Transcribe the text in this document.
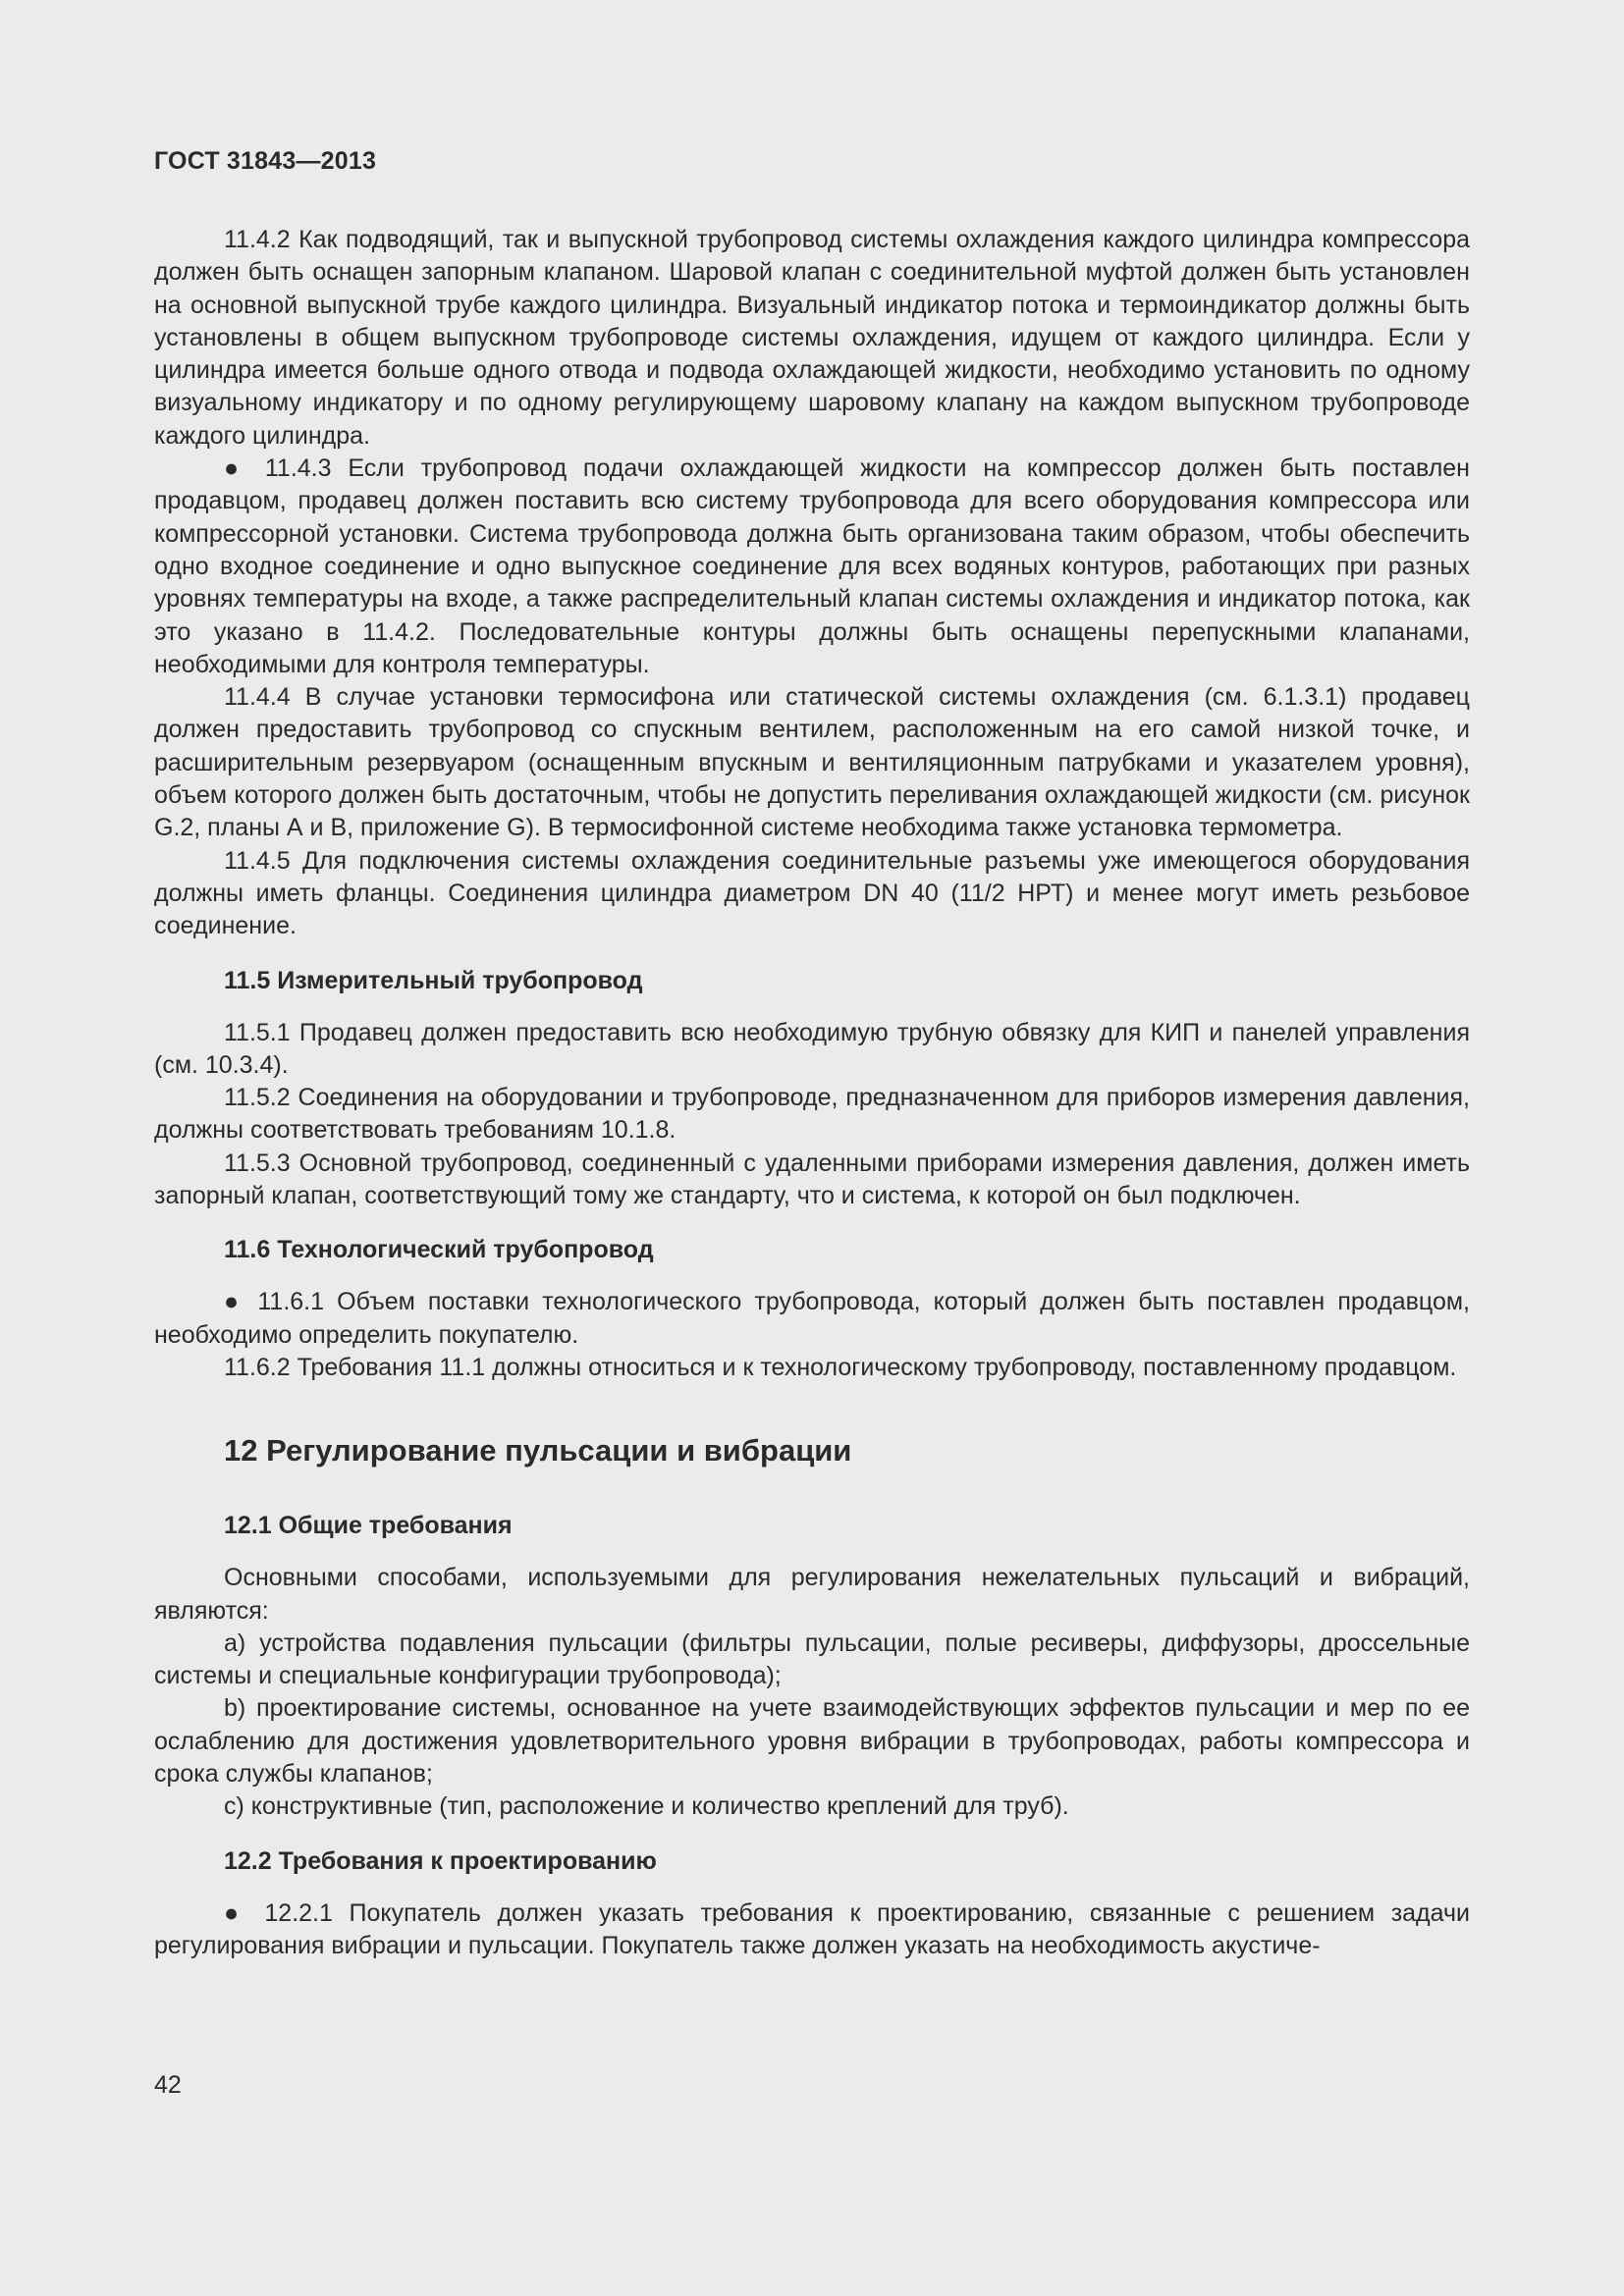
ГОСТ 31843—2013

11.4.2 Как подводящий, так и выпускной трубопровод системы охлаждения каждого цилиндра компрессора должен быть оснащен запорным клапаном. Шаровой клапан с соединительной муфтой должен быть установлен на основной выпускной трубе каждого цилиндра. Визуальный индикатор потока и термоиндикатор должны быть установлены в общем выпускном трубопроводе системы охлаждения, идущем от каждого цилиндра. Если у цилиндра имеется больше одного отвода и подвода охлаждающей жидкости, необходимо установить по одному визуальному индикатору и по одному регулирующему шаровому клапану на каждом выпускном трубопроводе каждого цилиндра.

● 11.4.3 Если трубопровод подачи охлаждающей жидкости на компрессор должен быть поставлен продавцом, продавец должен поставить всю систему трубопровода для всего оборудования компрессора или компрессорной установки. Система трубопровода должна быть организована таким образом, чтобы обеспечить одно входное соединение и одно выпускное соединение для всех водяных контуров, работающих при разных уровнях температуры на входе, а также распределительный клапан системы охлаждения и индикатор потока, как это указано в 11.4.2. Последовательные контуры должны быть оснащены перепускными клапанами, необходимыми для контроля температуры.

11.4.4 В случае установки термосифона или статической системы охлаждения (см. 6.1.3.1) продавец должен предоставить трубопровод со спускным вентилем, расположенным на его самой низкой точке, и расширительным резервуаром (оснащенным впускным и вентиляционным патрубками и указателем уровня), объем которого должен быть достаточным, чтобы не допустить переливания охлаждающей жидкости (см. рисунок G.2, планы А и В, приложение G). В термосифонной системе необходима также установка термометра.

11.4.5 Для подключения системы охлаждения соединительные разъемы уже имеющегося оборудования должны иметь фланцы. Соединения цилиндра диаметром DN 40 (11/2 НРТ) и менее могут иметь резьбовое соединение.

11.5 Измерительный трубопровод

11.5.1 Продавец должен предоставить всю необходимую трубную обвязку для КИП и панелей управления (см. 10.3.4).

11.5.2 Соединения на оборудовании и трубопроводе, предназначенном для приборов измерения давления, должны соответствовать требованиям 10.1.8.

11.5.3 Основной трубопровод, соединенный с удаленными приборами измерения давления, должен иметь запорный клапан, соответствующий тому же стандарту, что и система, к которой он был подключен.

11.6 Технологический трубопровод

● 11.6.1 Объем поставки технологического трубопровода, который должен быть поставлен продавцом, необходимо определить покупателю.

11.6.2 Требования 11.1 должны относиться и к технологическому трубопроводу, поставленному продавцом.

12 Регулирование пульсации и вибрации
12.1 Общие требования

Основными способами, используемыми для регулирования нежелательных пульсаций и вибраций, являются:

a) устройства подавления пульсации (фильтры пульсации, полые ресиверы, диффузоры, дроссельные системы и специальные конфигурации трубопровода);

b) проектирование системы, основанное на учете взаимодействующих эффектов пульсации и мер по ее ослаблению для достижения удовлетворительного уровня вибрации в трубопроводах, работы компрессора и срока службы клапанов;

c) конструктивные (тип, расположение и количество креплений для труб).

12.2 Требования к проектированию

● 12.2.1 Покупатель должен указать требования к проектированию, связанные с решением задачи регулирования вибрации и пульсации. Покупатель также должен указать на необходимость акустиче-

42
